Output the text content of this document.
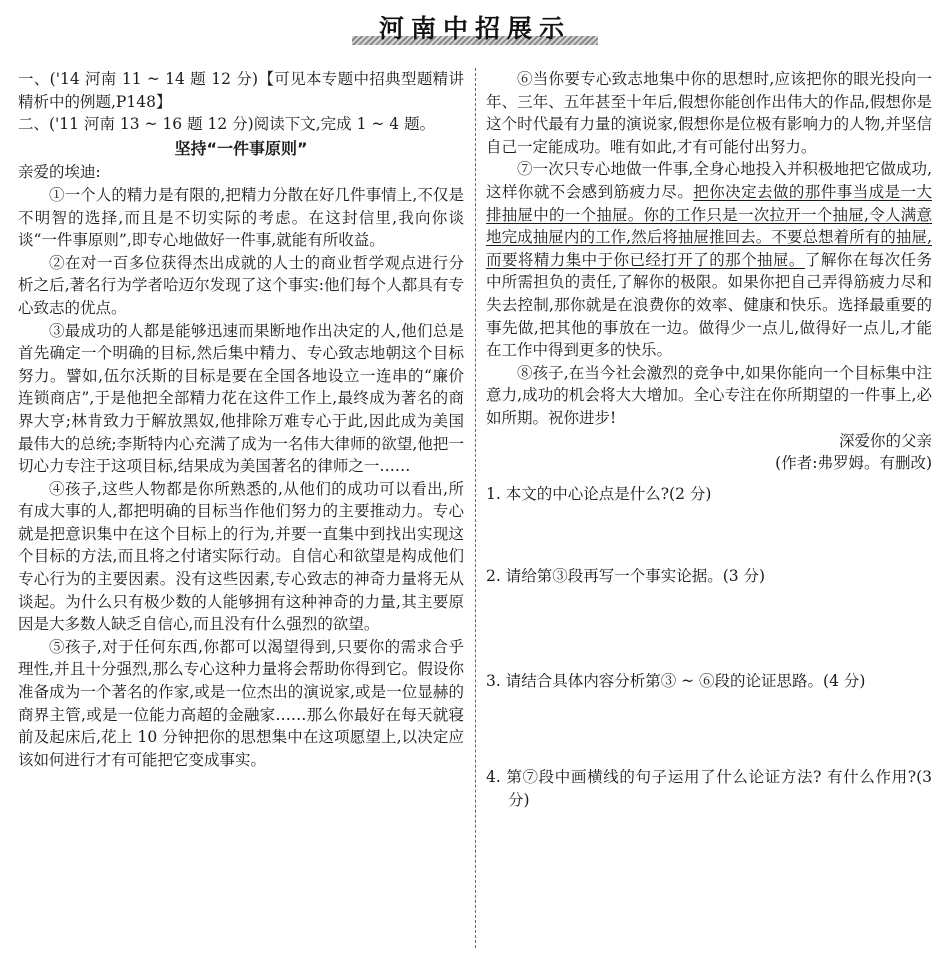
河南中招展示

一、('14 河南 11 ~ 14 题 12 分)【可见本专题中招典型题精讲精析中的例题,P148】

二、('11 河南 13 ~ 16 题 12 分)阅读下文,完成 1 ~ 4 题。

坚持“一件事原则”

亲爱的埃迪:

①一个人的精力是有限的,把精力分散在好几件事情上,不仅是不明智的选择,而且是不切实际的考虑。在这封信里,我向你谈谈“一件事原则”,即专心地做好一件事,就能有所收益。

②在对一百多位获得杰出成就的人士的商业哲学观点进行分析之后,著名行为学者哈迈尔发现了这个事实:他们每个人都具有专心致志的优点。

③最成功的人都是能够迅速而果断地作出决定的人,他们总是首先确定一个明确的目标,然后集中精力、专心致志地朝这个目标努力。譬如,伍尔沃斯的目标是要在全国各地设立一连串的“廉价连锁商店”,于是他把全部精力花在这件工作上,最终成为著名的商界大亨;林肯致力于解放黑奴,他排除万难专心于此,因此成为美国最伟大的总统;李斯特内心充满了成为一名伟大律师的欲望,他把一切心力专注于这项目标,结果成为美国著名的律师之一……

④孩子,这些人物都是你所熟悉的,从他们的成功可以看出,所有成大事的人,都把明确的目标当作他们努力的主要推动力。专心就是把意识集中在这个目标上的行为,并要一直集中到找出实现这个目标的方法,而且将之付诸实际行动。自信心和欲望是构成他们专心行为的主要因素。没有这些因素,专心致志的神奇力量将无从谈起。为什么只有极少数的人能够拥有这种神奇的力量,其主要原因是大多数人缺乏自信心,而且没有什么强烈的欲望。

⑤孩子,对于任何东西,你都可以渴望得到,只要你的需求合乎理性,并且十分强烈,那么专心这种力量将会帮助你得到它。假设你准备成为一个著名的作家,或是一位杰出的演说家,或是一位显赫的商界主管,或是一位能力高超的金融家……那么你最好在每天就寝前及起床后,花上 10 分钟把你的思想集中在这项愿望上,以决定应该如何进行才有可能把它变成事实。

⑥当你要专心致志地集中你的思想时,应该把你的眼光投向一年、三年、五年甚至十年后,假想你能创作出伟大的作品,假想你是这个时代最有力量的演说家,假想你是位极有影响力的人物,并坚信自己一定能成功。唯有如此,才有可能付出努力。

⑦一次只专心地做一件事,全身心地投入并积极地把它做成功,这样你就不会感到筋疲力尽。把你决定去做的那件事当成是一大排抽屉中的一个抽屉。你的工作只是一次拉开一个抽屉,令人满意地完成抽屉内的工作,然后将抽屉推回去。不要总想着所有的抽屉,而要将精力集中于你已经打开了的那个抽屉。了解你在每次任务中所需担负的责任,了解你的极限。如果你把自己弄得筋疲力尽和失去控制,那你就是在浪费你的效率、健康和快乐。选择最重要的事先做,把其他的事放在一边。做得少一点儿,做得好一点儿,才能在工作中得到更多的快乐。

⑧孩子,在当今社会激烈的竞争中,如果你能向一个目标集中注意力,成功的机会将大大增加。全心专注在你所期望的一件事上,必如所期。祝你进步!

深爱你的父亲

(作者:弗罗姆。有删改)

1. 本文的中心论点是什么?(2 分)

2. 请给第③段再写一个事实论据。(3 分)

3. 请结合具体内容分析第③ ~ ⑥段的论证思路。(4 分)

4. 第⑦段中画横线的句子运用了什么论证方法? 有什么作用?(3 分)
